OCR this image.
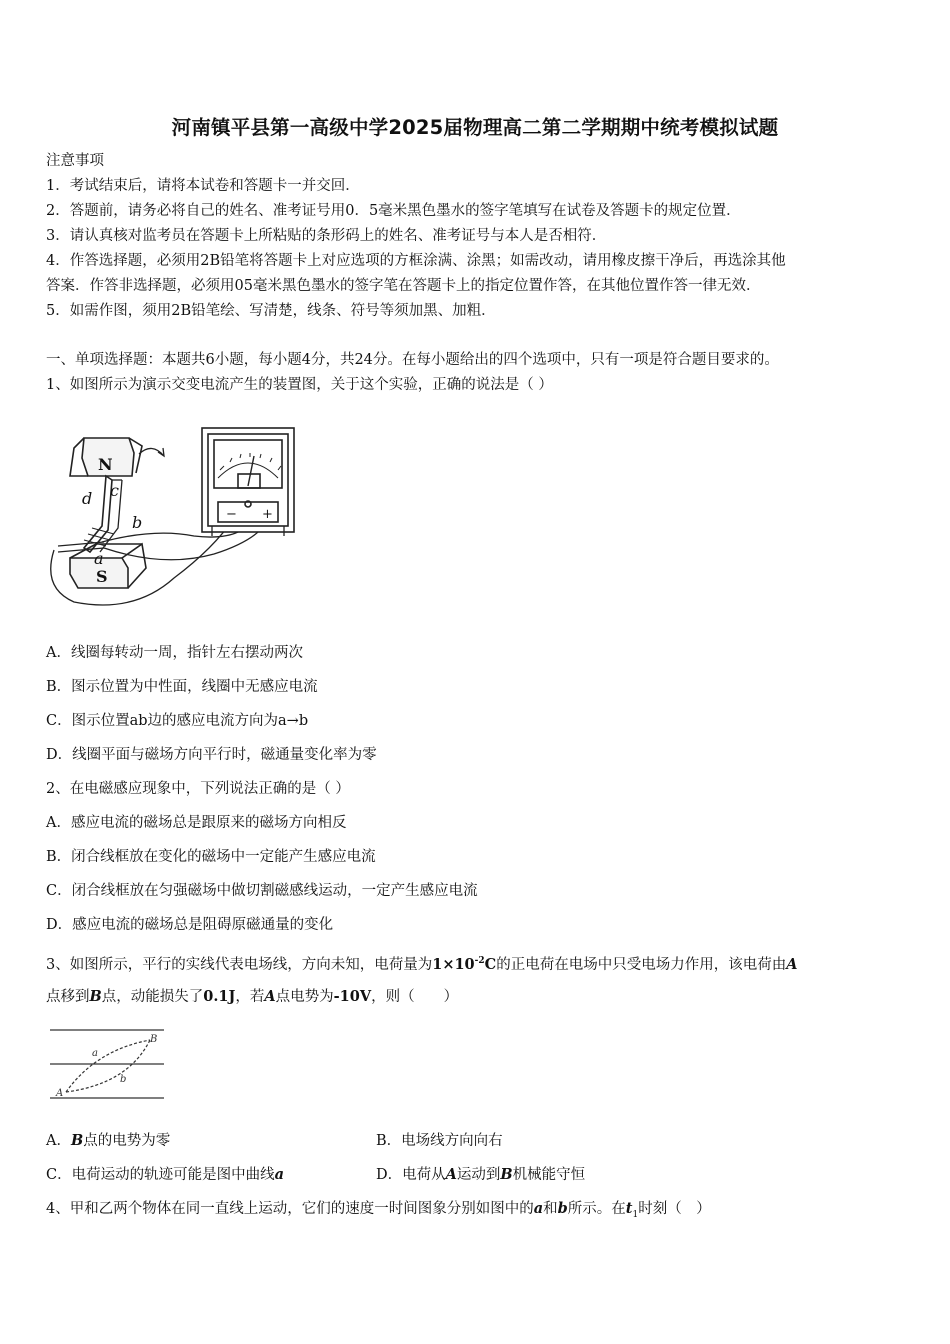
河南镇平县第一高级中学2025届物理高二第二学期期中统考模拟试题
注意事项
1．考试结束后，请将本试卷和答题卡一并交回．
2．答题前，请务必将自己的姓名、准考证号用0．5毫米黑色墨水的签字笔填写在试卷及答题卡的规定位置．
3．请认真核对监考员在答题卡上所粘贴的条形码上的姓名、准考证号与本人是否相符．
4．作答选择题，必须用2B铅笔将答题卡上对应选项的方框涂满、涂黑；如需改动，请用橡皮擦干净后，再选涂其他
答案．作答非选择题，必须用05毫米黑色墨水的签字笔在答题卡上的指定位置作答，在其他位置作答一律无效．
5．如需作图，须用2B铅笔绘、写清楚，线条、符号等须加黑、加粗．
一、单项选择题：本题共6小题，每小题4分，共24分。在每小题给出的四个选项中，只有一项是符合题目要求的。
1、如图所示为演示交变电流产生的装置图，关于这个实验，正确的说法是（ ）
N
S
a
b
c
d
− +
A．线圈每转动一周，指针左右摆动两次
B．图示位置为中性面，线圈中无感应电流
C．图示位置ab边的感应电流方向为a→b
D．线圈平面与磁场方向平行时，磁通量变化率为零
2、在电磁感应现象中，下列说法正确的是（ ）
A．感应电流的磁场总是跟原来的磁场方向相反
B．闭合线框放在变化的磁场中一定能产生感应电流
C．闭合线框放在匀强磁场中做切割磁感线运动，一定产生感应电流
D．感应电流的磁场总是阻碍原磁通量的变化
3、如图所示，平行的实线代表电场线，方向未知，电荷量为$1\times 10^{-2}C$的正电荷在电场中只受电场力作用，该电荷由A
点移到B点，动能损失了0.1J，若A点电势为-10V，则（　　）
A
B
a
b
A．B点的电势为零	B．电场线方向向右
C．电荷运动的轨迹可能是图中曲线a	D．电荷从A运动到B机械能守恒
4、甲和乙两个物体在同一直线上运动，它们的速度一时间图象分别如图中的a和b所示。在$t_1$时刻（　）
